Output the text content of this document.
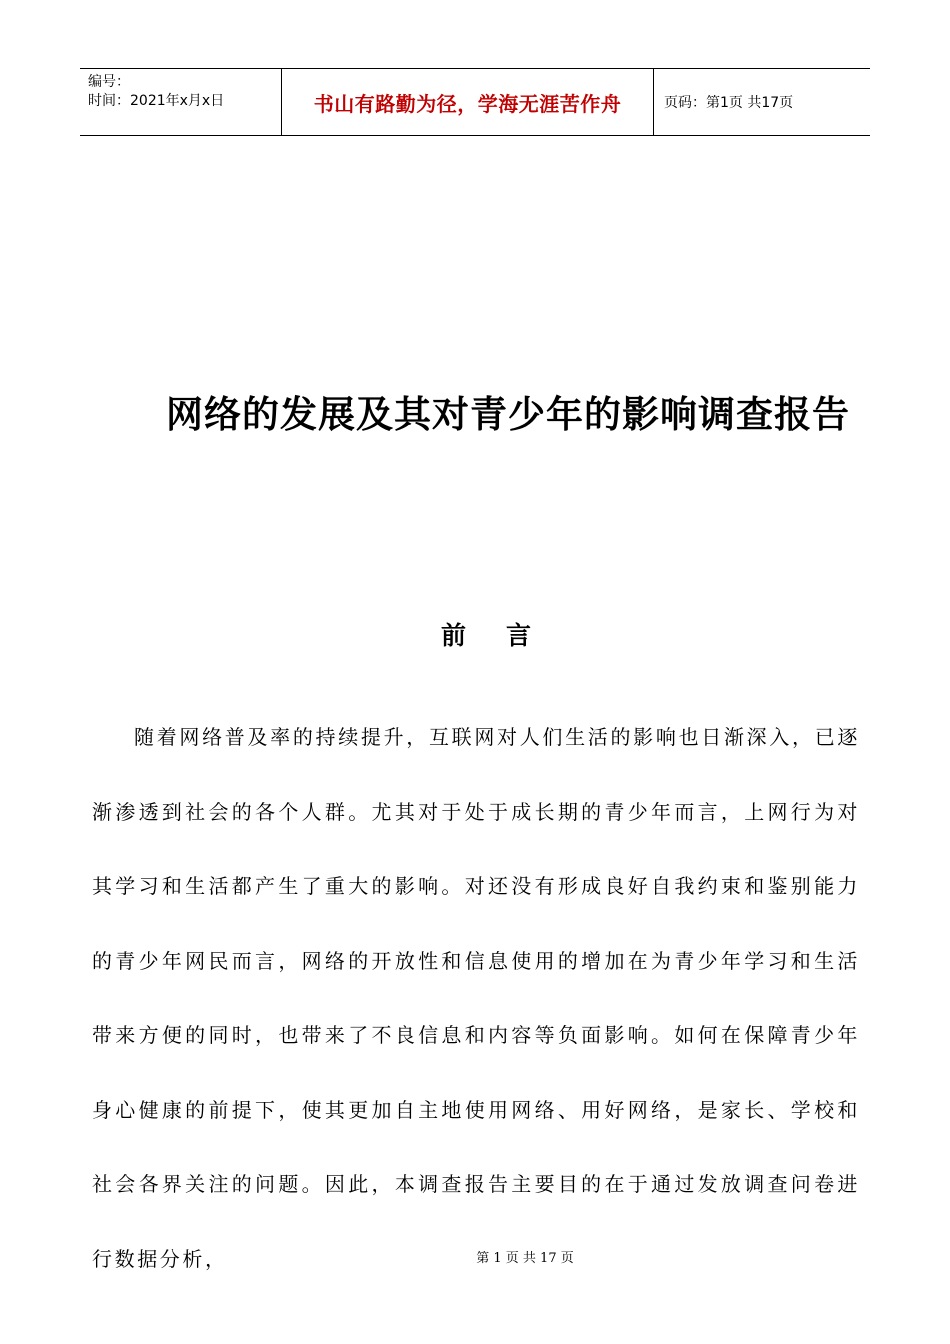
编号：
时间：2021年x月x日	书山有路勤为径，学海无涯苦作舟	页码：第1页 共17页
网络的发展及其对青少年的影响调查报告
前言

随着网络普及率的持续提升，互联网对人们生活的影响也日渐深入，已逐渐渗透到社会的各个人群。尤其对于处于成长期的青少年而言，上网行为对其学习和生活都产生了重大的影响。对还没有形成良好自我约束和鉴别能力的青少年网民而言，网络的开放性和信息使用的增加在为青少年学习和生活带来方便的同时，也带来了不良信息和内容等负面影响。如何在保障青少年身心健康的前提下，使其更加自主地使用网络、用好网络，是家长、学校和社会各界关注的问题。因此，本调查报告主要目的在于通过发放调查问卷进行数据分析，	第 1 页 共 17 页
